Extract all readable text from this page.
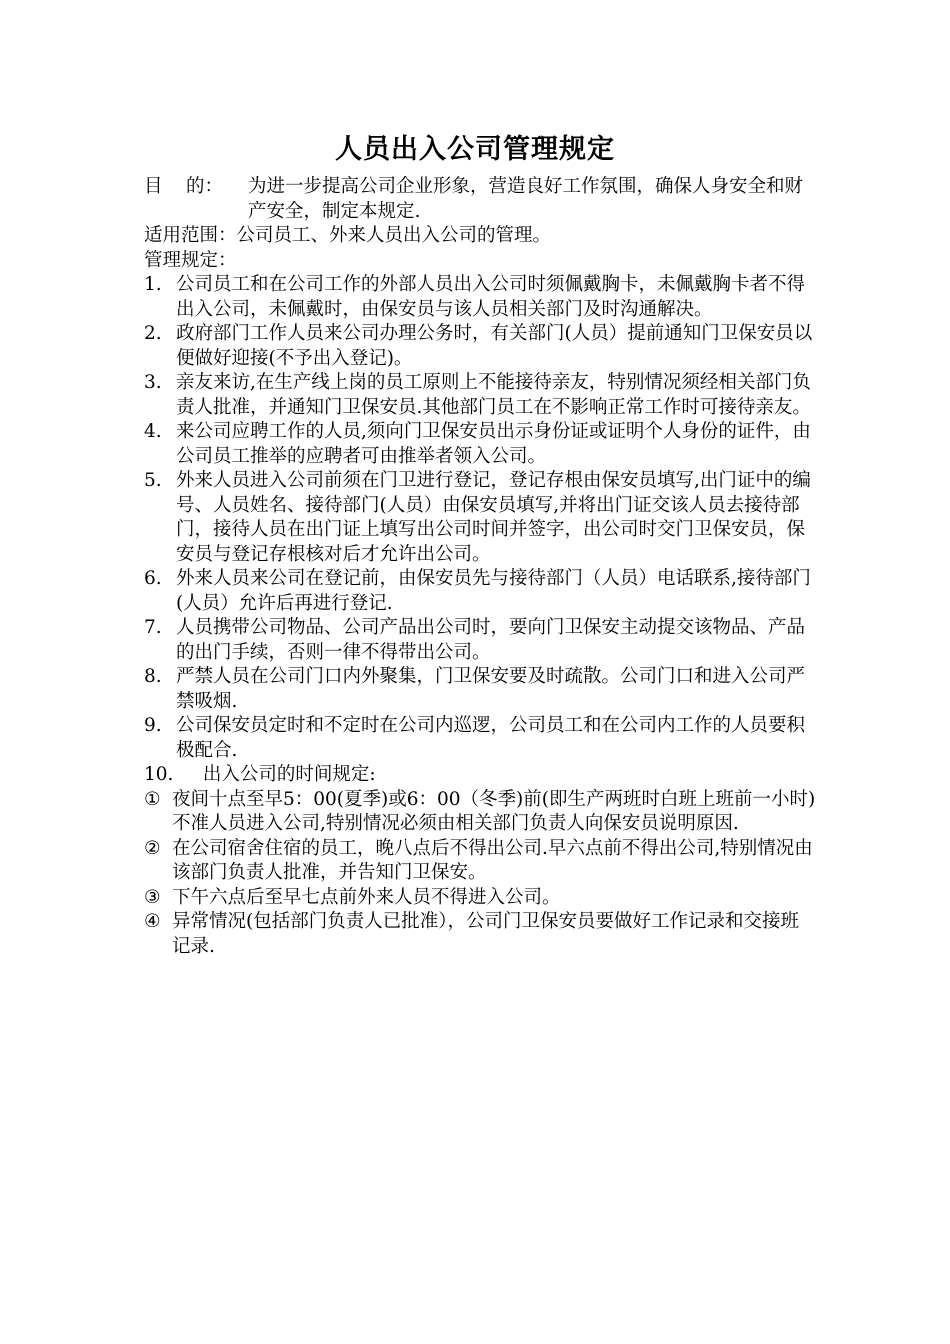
人员出入公司管理规定
目    的：	为进一步提高公司企业形象，营造良好工作氛围，确保人身安全和财产安全，制定本规定.
适用范围：公司员工、外来人员出入公司的管理。
管理规定：
1. 公司员工和在公司工作的外部人员出入公司时须佩戴胸卡，未佩戴胸卡者不得出入公司，未佩戴时，由保安员与该人员相关部门及时沟通解决。
2. 政府部门工作人员来公司办理公务时，有关部门(人员）提前通知门卫保安员以便做好迎接(不予出入登记)。
3. 亲友来访,在生产线上岗的员工原则上不能接待亲友，特别情况须经相关部门负责人批准，并通知门卫保安员.其他部门员工在不影响正常工作时可接待亲友。
4. 来公司应聘工作的人员,须向门卫保安员出示身份证或证明个人身份的证件，由公司员工推举的应聘者可由推举者领入公司。
5. 外来人员进入公司前须在门卫进行登记，登记存根由保安员填写,出门证中的编号、人员姓名、接待部门(人员）由保安员填写,并将出门证交该人员去接待部门，接待人员在出门证上填写出公司时间并签字，出公司时交门卫保安员，保安员与登记存根核对后才允许出公司。
6. 外来人员来公司在登记前，由保安员先与接待部门（人员）电话联系,接待部门(人员）允许后再进行登记.
7. 人员携带公司物品、公司产品出公司时，要向门卫保安主动提交该物品、产品的出门手续，否则一律不得带出公司。
8. 严禁人员在公司门口内外聚集，门卫保安要及时疏散。公司门口和进入公司严禁吸烟.
9. 公司保安员定时和不定时在公司内巡逻，公司员工和在公司内工作的人员要积极配合.
10.     出入公司的时间规定:
① 夜间十点至早5：00(夏季)或6：00（冬季)前(即生产两班时白班上班前一小时)不准人员进入公司,特别情况必须由相关部门负责人向保安员说明原因.
② 在公司宿舍住宿的员工，晚八点后不得出公司.早六点前不得出公司,特别情况由该部门负责人批准，并告知门卫保安。
③ 下午六点后至早七点前外来人员不得进入公司。
④ 异常情况(包括部门负责人已批准），公司门卫保安员要做好工作记录和交接班记录.
